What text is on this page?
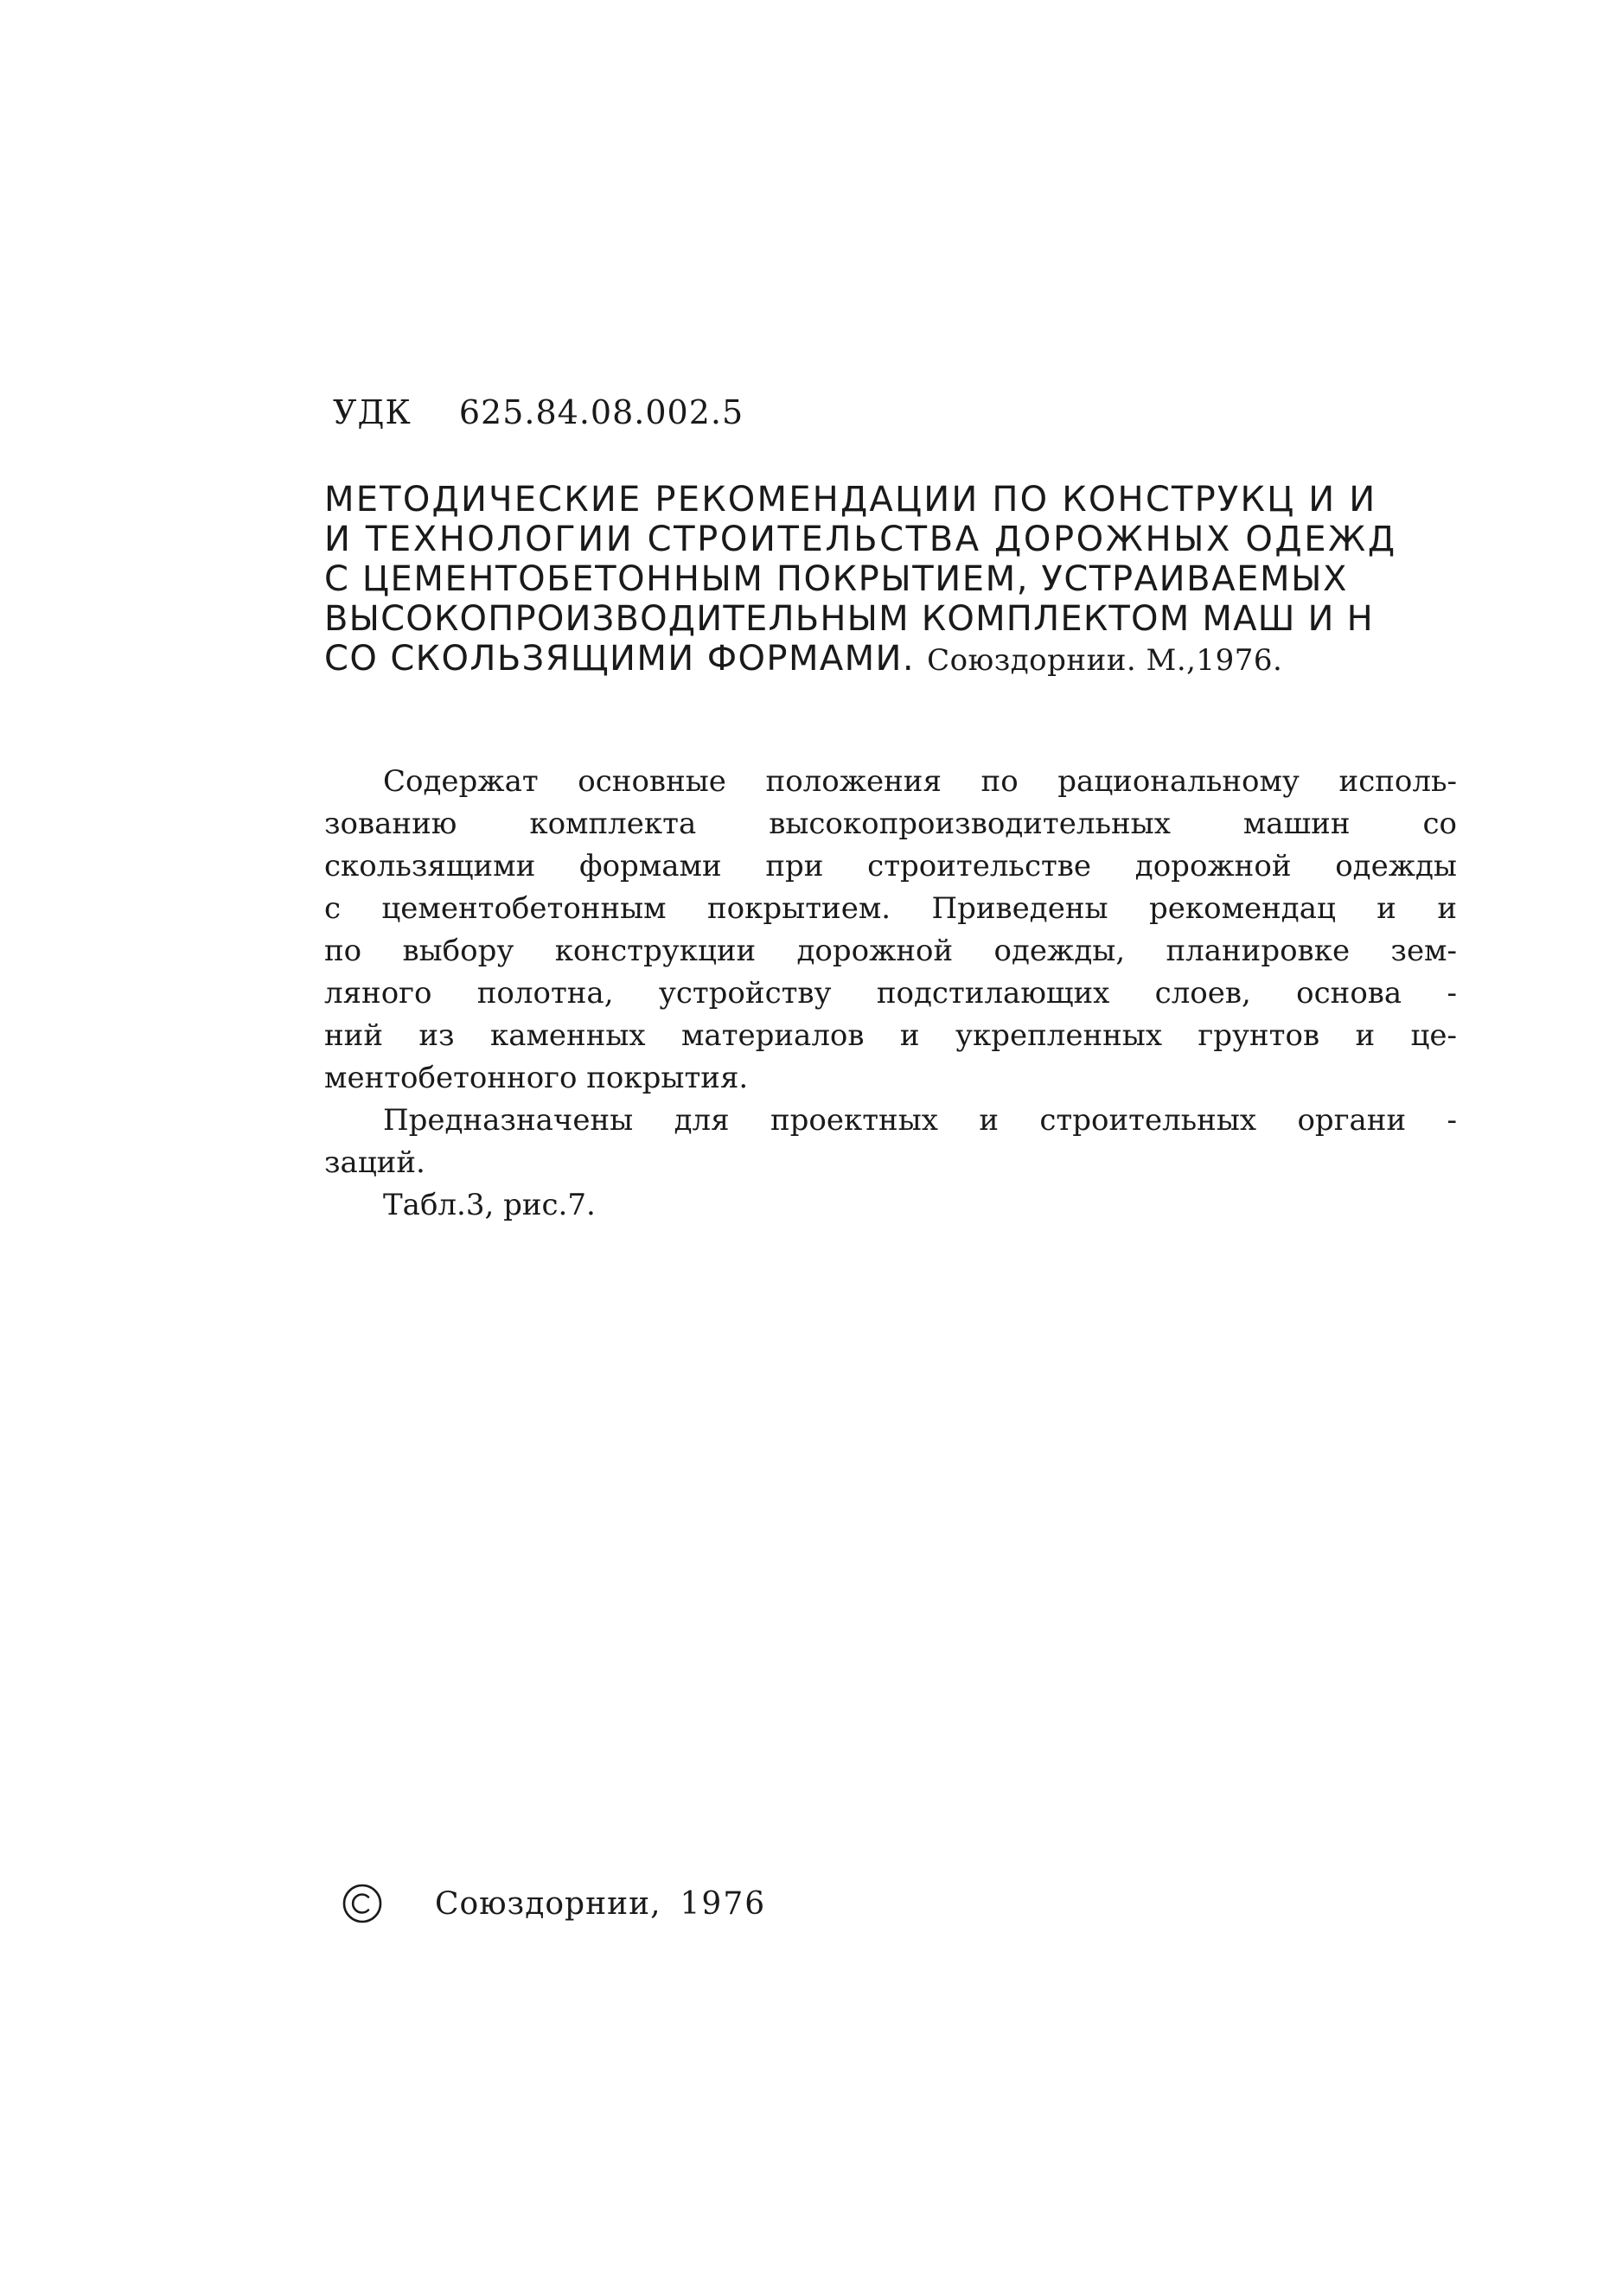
УДК 625.84.08.002.5
МЕТОДИЧЕСКИЕ РЕКОМЕНДАЦИИ ПО КОНСТРУКЦ И И
И ТЕХНОЛОГИИ СТРОИТЕЛЬСТВА ДОРОЖНЫХ ОДЕЖД
С ЦЕМЕНТОБЕТОННЫМ ПОКРЫТИЕМ, УСТРАИВАЕМЫХ
ВЫСОКОПРОИЗВОДИТЕЛЬНЫМ КОМПЛЕКТОМ МАШ И Н
СО СКОЛЬЗЯЩИМИ ФОРМАМИ. Союздорнии. М.,1976.
Содержат основные положения по рациональному исполь-
зованию комплекта высокопроизводительных машин со
скользящими формами при строительстве дорожной одежды
с цементобетонным покрытием. Приведены рекомендац и и
по выбору конструкции дорожной одежды, планировке зем-
ляного полотна, устройству подстилающих слоев, основа -
ний из каменных материалов и укрепленных грунтов и це-
ментобетонного покрытия.
Предназначены для проектных и строительных органи -
заций.
Табл.3, рис.7.
Союздорнии, 1976
